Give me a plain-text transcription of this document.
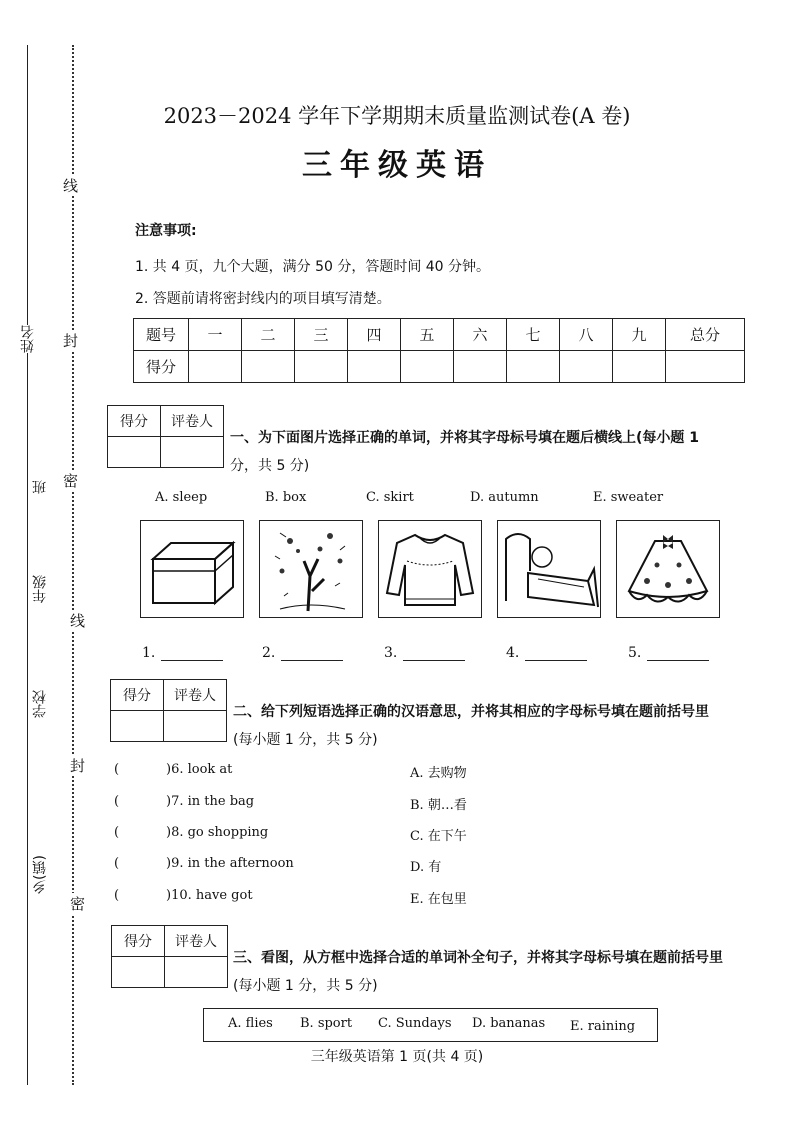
线
封
密
线
封
密
姓名
班
年级
学校
乡(镇)
2023－2024 学年下学期期末质量监测试卷(A 卷)
三年级英语
注意事项:
1. 共 4 页，九个大题，满分 50 分，答题时间 40 分钟。
2. 答题前请将密封线内的项目填写清楚。
题号	一	二	三	四	五	六	七	八	九	总分
得分										
得分	评卷人

一、为下面图片选择正确的单词，并将其字母标号填在题后横线上(每小题 1
分，共 5 分)
A. sleep	B. box	C. skirt	D. autumn	E. sweater
1.	2.	3.	4.	5.
得分	评卷人

二、给下列短语选择正确的汉语意思，并将其相应的字母标号填在题前括号里
(每小题 1 分，共 5 分)
(	)6. look at	A. 去购物
(	)7. in the bag	B. 朝…看
(	)8. go shopping	C. 在下午
(	)9. in the afternoon	D. 有
(	)10. have got	E. 在包里
得分	评卷人

三、看图，从方框中选择合适的单词补全句子，并将其字母标号填在题前括号里
(每小题 1 分，共 5 分)
A. flies B. sport C. Sundays D. bananas E. raining
三年级英语第 1 页(共 4 页)
